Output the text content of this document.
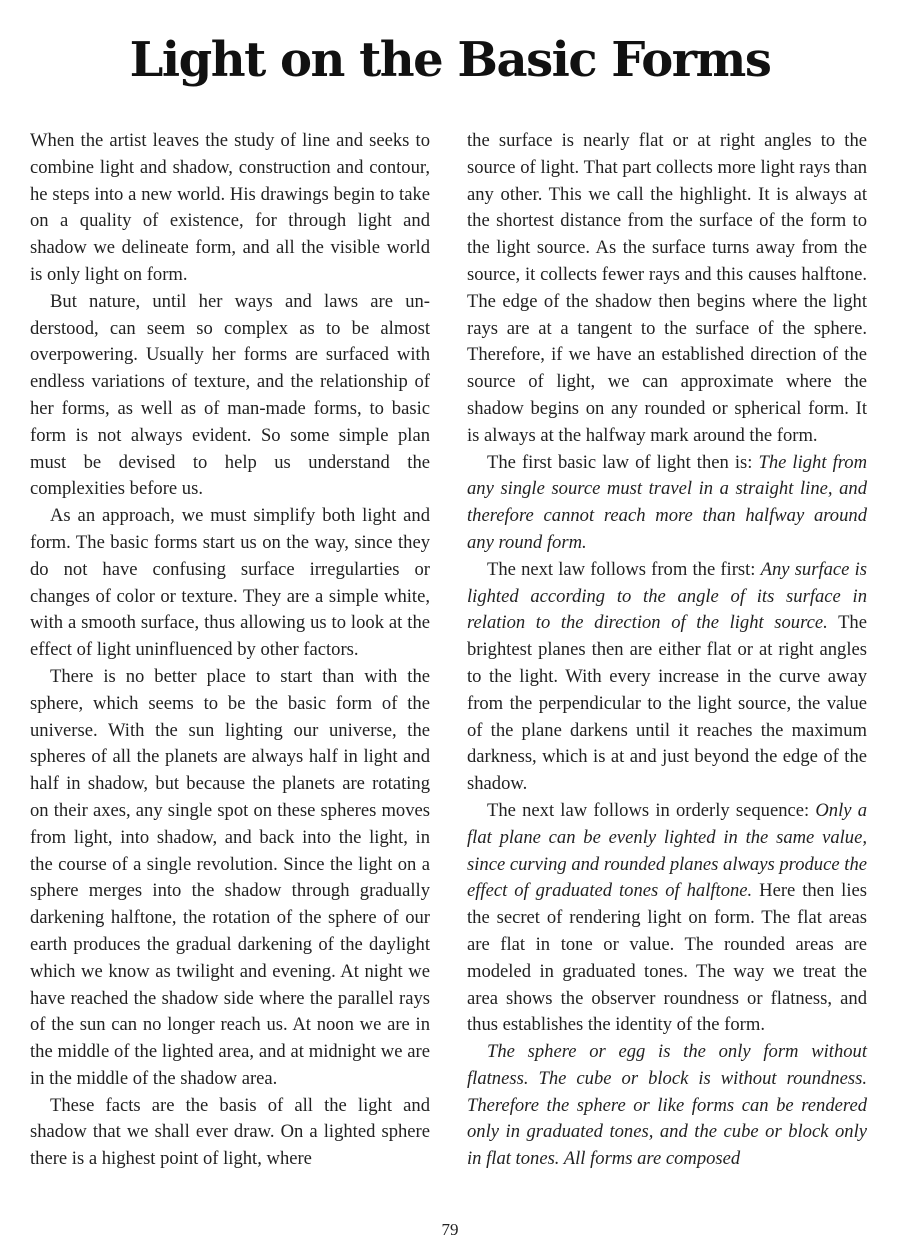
Light on the Basic Forms

When the artist leaves the study of line and seeks to combine light and shadow, construction and contour, he steps into a new world. His drawings begin to take on a quality of existence, for through light and shadow we delineate form, and all the visible world is only light on form.

But nature, until her ways and laws are understood, can seem so complex as to be almost overpowering. Usually her forms are surfaced with endless variations of texture, and the relationship of her forms, as well as of man-made forms, to basic form is not always evident. So some simple plan must be devised to help us understand the complexities before us.

As an approach, we must simplify both light and form. The basic forms start us on the way, since they do not have confusing surface irregularties or changes of color or texture. They are a simple white, with a smooth surface, thus allowing us to look at the effect of light uninfluenced by other factors.

There is no better place to start than with the sphere, which seems to be the basic form of the universe. With the sun lighting our universe, the spheres of all the planets are always half in light and half in shadow, but because the planets are rotating on their axes, any single spot on these spheres moves from light, into shadow, and back into the light, in the course of a single revolution. Since the light on a sphere merges into the shadow through gradually darkening halftone, the rotation of the sphere of our earth produces the gradual darkening of the daylight which we know as twilight and evening. At night we have reached the shadow side where the parallel rays of the sun can no longer reach us. At noon we are in the middle of the lighted area, and at midnight we are in the middle of the shadow area.

These facts are the basis of all the light and shadow that we shall ever draw. On a lighted sphere there is a highest point of light, where

the surface is nearly flat or at right angles to the source of light. That part collects more light rays than any other. This we call the highlight. It is always at the shortest distance from the surface of the form to the light source. As the surface turns away from the source, it collects fewer rays and this causes halftone. The edge of the shadow then begins where the light rays are at a tangent to the surface of the sphere. Therefore, if we have an established direction of the source of light, we can approximate where the shadow begins on any rounded or spherical form. It is always at the halfway mark around the form.

The first basic law of light then is: The light from any single source must travel in a straight line, and therefore cannot reach more than halfway around any round form.

The next law follows from the first: Any surface is lighted according to the angle of its surface in relation to the direction of the light source. The brightest planes then are either flat or at right angles to the light. With every increase in the curve away from the perpendicular to the light source, the value of the plane darkens until it reaches the maximum darkness, which is at and just beyond the edge of the shadow.

The next law follows in orderly sequence: Only a flat plane can be evenly lighted in the same value, since curving and rounded planes always produce the effect of graduated tones of halftone. Here then lies the secret of rendering light on form. The flat areas are flat in tone or value. The rounded areas are modeled in graduated tones. The way we treat the area shows the observer roundness or flatness, and thus establishes the identity of the form.

The sphere or egg is the only form without flatness. The cube or block is without roundness. Therefore the sphere or like forms can be rendered only in graduated tones, and the cube or block only in flat tones. All forms are composed

79
